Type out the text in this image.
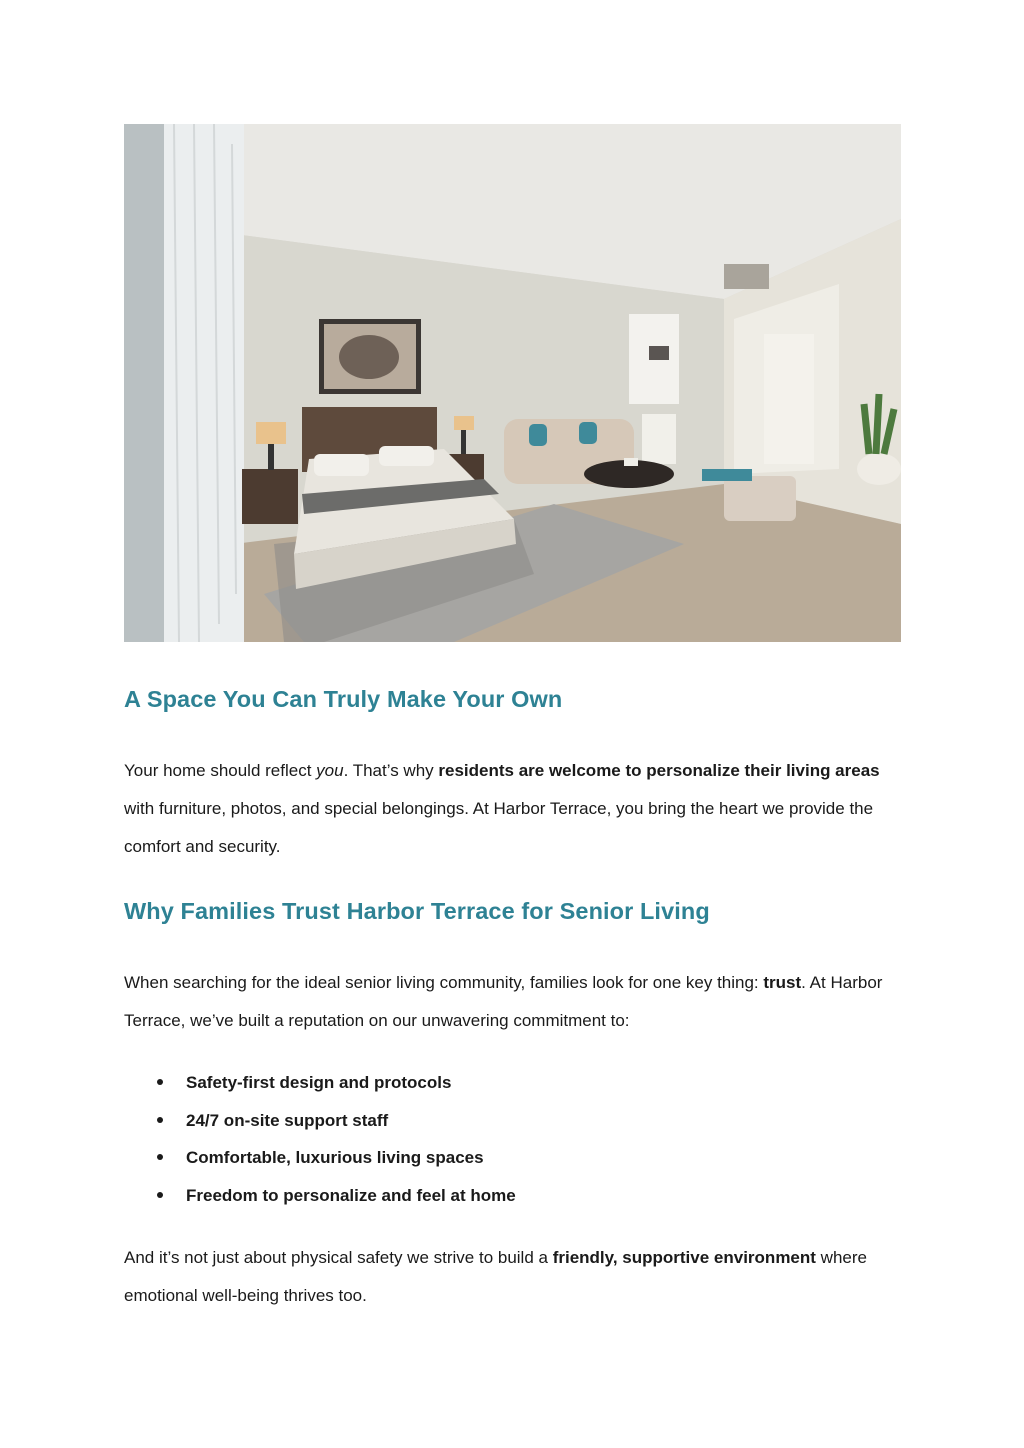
A Space You Can Truly Make Your Own

Your home should reflect you. That’s why residents are welcome to personalize their living areas with furniture, photos, and special belongings. At Harbor Terrace, you bring the heart we provide the comfort and security.

Why Families Trust Harbor Terrace for Senior Living

When searching for the ideal senior living community, families look for one key thing: trust. At Harbor Terrace, we’ve built a reputation on our unwavering commitment to:

Safety-first design and protocols
24/7 on-site support staff
Comfortable, luxurious living spaces
Freedom to personalize and feel at home

And it’s not just about physical safety we strive to build a friendly, supportive environment where emotional well-being thrives too.
